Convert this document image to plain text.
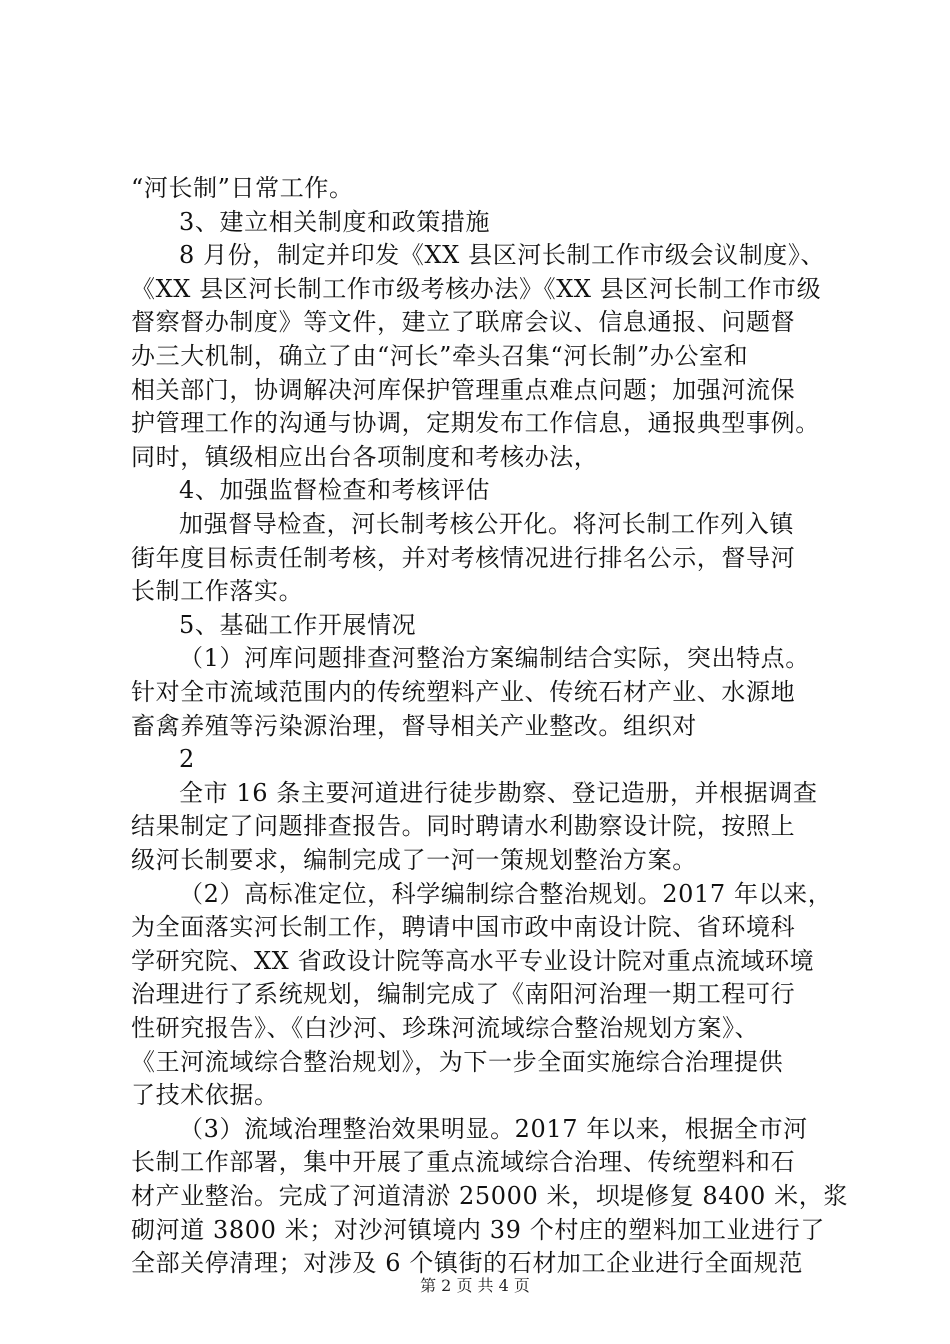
“河长制”日常工作。
3、建立相关制度和政策措施
8 月份，制定并印发《XX 县区河长制工作市级会议制度》、
《XX 县区河长制工作市级考核办法》《XX 县区河长制工作市级
督察督办制度》等文件，建立了联席会议、信息通报、问题督
办三大机制，确立了由“河长”牵头召集“河长制”办公室和
相关部门，协调解决河库保护管理重点难点问题；加强河流保
护管理工作的沟通与协调，定期发布工作信息，通报典型事例。
同时，镇级相应出台各项制度和考核办法，
4、加强监督检查和考核评估
加强督导检查，河长制考核公开化。将河长制工作列入镇
街年度目标责任制考核，并对考核情况进行排名公示，督导河
长制工作落实。
5、基础工作开展情况
（1）河库问题排查河整治方案编制结合实际，突出特点。
针对全市流域范围内的传统塑料产业、传统石材产业、水源地
畜禽养殖等污染源治理，督导相关产业整改。组织对
2
全市 16 条主要河道进行徒步勘察、登记造册，并根据调查
结果制定了问题排查报告。同时聘请水利勘察设计院，按照上
级河长制要求，编制完成了一河一策规划整治方案。
（2）高标准定位，科学编制综合整治规划。2017 年以来，
为全面落实河长制工作，聘请中国市政中南设计院、省环境科
学研究院、XX 省政设计院等高水平专业设计院对重点流域环境
治理进行了系统规划，编制完成了《南阳河治理一期工程可行
性研究报告》、《白沙河、珍珠河流域综合整治规划方案》、
《王河流域综合整治规划》，为下一步全面实施综合治理提供
了技术依据。
（3）流域治理整治效果明显。2017 年以来，根据全市河
长制工作部署，集中开展了重点流域综合治理、传统塑料和石
材产业整治。完成了河道清淤 25000 米，坝堤修复 8400 米，浆
砌河道 3800 米；对沙河镇境内 39 个村庄的塑料加工业进行了
全部关停清理；对涉及 6 个镇街的石材加工企业进行全面规范
第 2 页 共 4 页
